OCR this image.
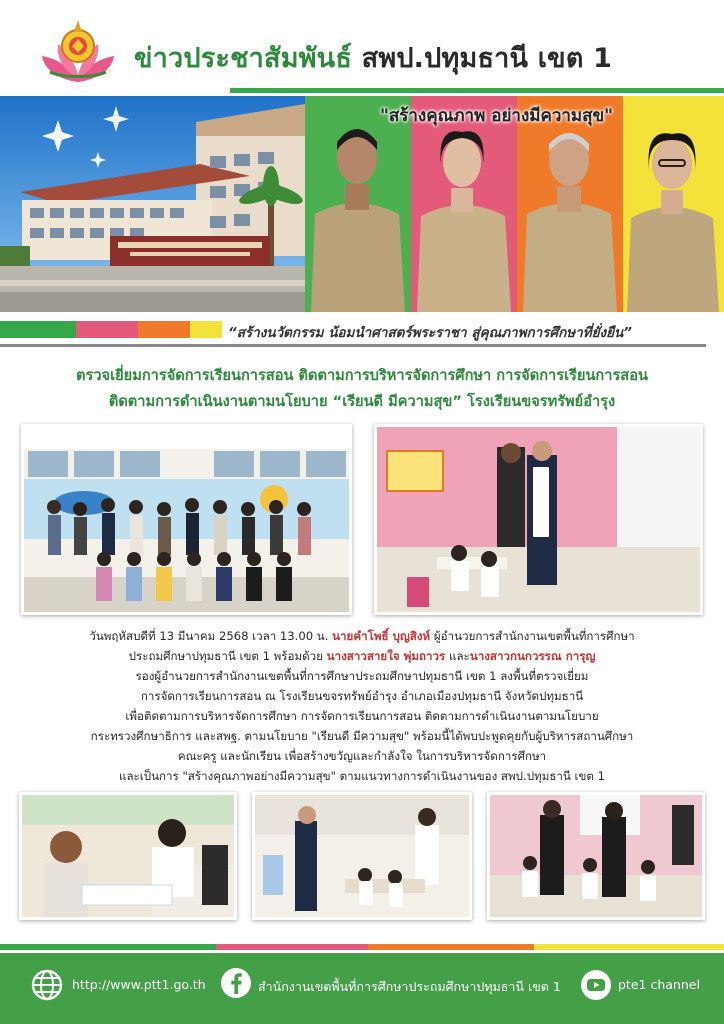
ข่าวประชาสัมพันธ์ สพป.ปทุมธานี เขต 1
"สร้างคุณภาพ อย่างมีความสุข"
“สร้างนวัตกรรม น้อมนำศาสตร์พระราชา สู่คุณภาพการศึกษาที่ยั่งยืน”
ตรวจเยี่ยมการจัดการเรียนการสอน ติดตามการบริหารจัดการศึกษา การจัดการเรียนการสอน
ติดตามการดำเนินงานตามนโยบาย “เรียนดี มีความสุข” โรงเรียนขจรทรัพย์อำรุง
วันพฤหัสบดีที่ 13 มีนาคม 2568 เวลา 13.00 น. นายคำโพธิ์ บุญสิงห์ ผู้อำนวยการสำนักงานเขตพื้นที่การศึกษา
ประถมศึกษาปทุมธานี เขต 1 พร้อมด้วย นางสาวสายใจ พุ่มถาวร และนางสาวกนกวรรณ การุญ
รองผู้อำนวยการสำนักงานเขตพื้นที่การศึกษาประถมศึกษาปทุมธานี เขต 1 ลงพื้นที่ตรวจเยี่ยม
การจัดการเรียนการสอน ณ โรงเรียนขจรทรัพย์อำรุง อำเภอเมืองปทุมธานี จังหวัดปทุมธานี
เพื่อติดตามการบริหารจัดการศึกษา การจัดการเรียนการสอน ติดตามการดำเนินงานตามนโยบาย
กระทรวงศึกษาธิการ และสพฐ. ตามนโยบาย "เรียนดี มีความสุข" พร้อมนี้ได้พบปะพูดคุยกับผู้บริหารสถานศึกษา
คณะครู และนักเรียน เพื่อสร้างขวัญและกำลังใจ ในการบริหารจัดการศึกษา
และเป็นการ "สร้างคุณภาพอย่างมีความสุข" ตามแนวทางการดำเนินงานของ สพป.ปทุมธานี เขต 1
http://www.ptt1.go.th	สำนักงานเขตพื้นที่การศึกษาประถมศึกษาปทุมธานี เขต 1	pte1 channel
